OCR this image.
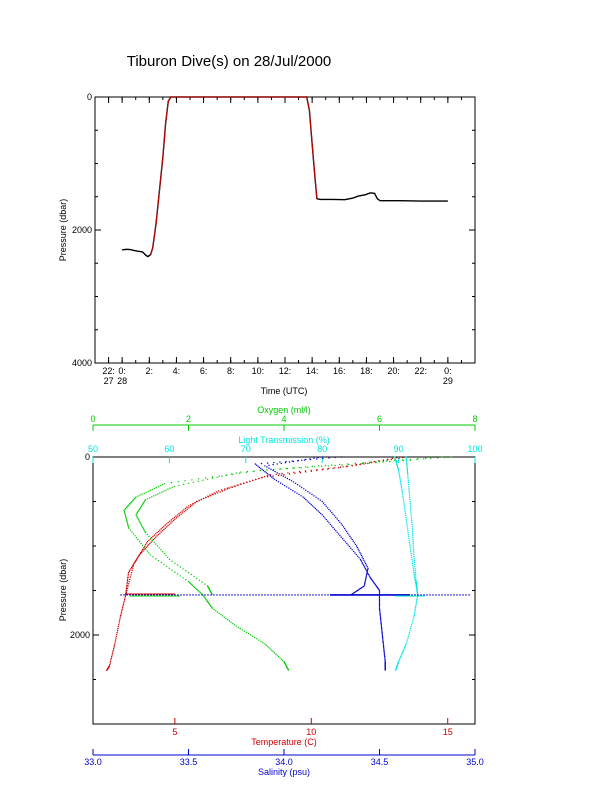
Tiburon Dive(s) on 28/Jul/2000
0
2000
4000
22:
27
0:
28
2: 4: 6: 8: 10: 12: 14: 16: 18: 20: 22: 0:
29
Time (UTC)
Pressure (dbar)
0
2000
0	2	4	6	8
Oxygen (ml/l)
50	60	70	80	90	100
Light Transmission (%)
5	10	15
Temperature (C)
33.0	33.5	34.0	34.5	35.0
Salinity (psu)
Pressure (dbar)
